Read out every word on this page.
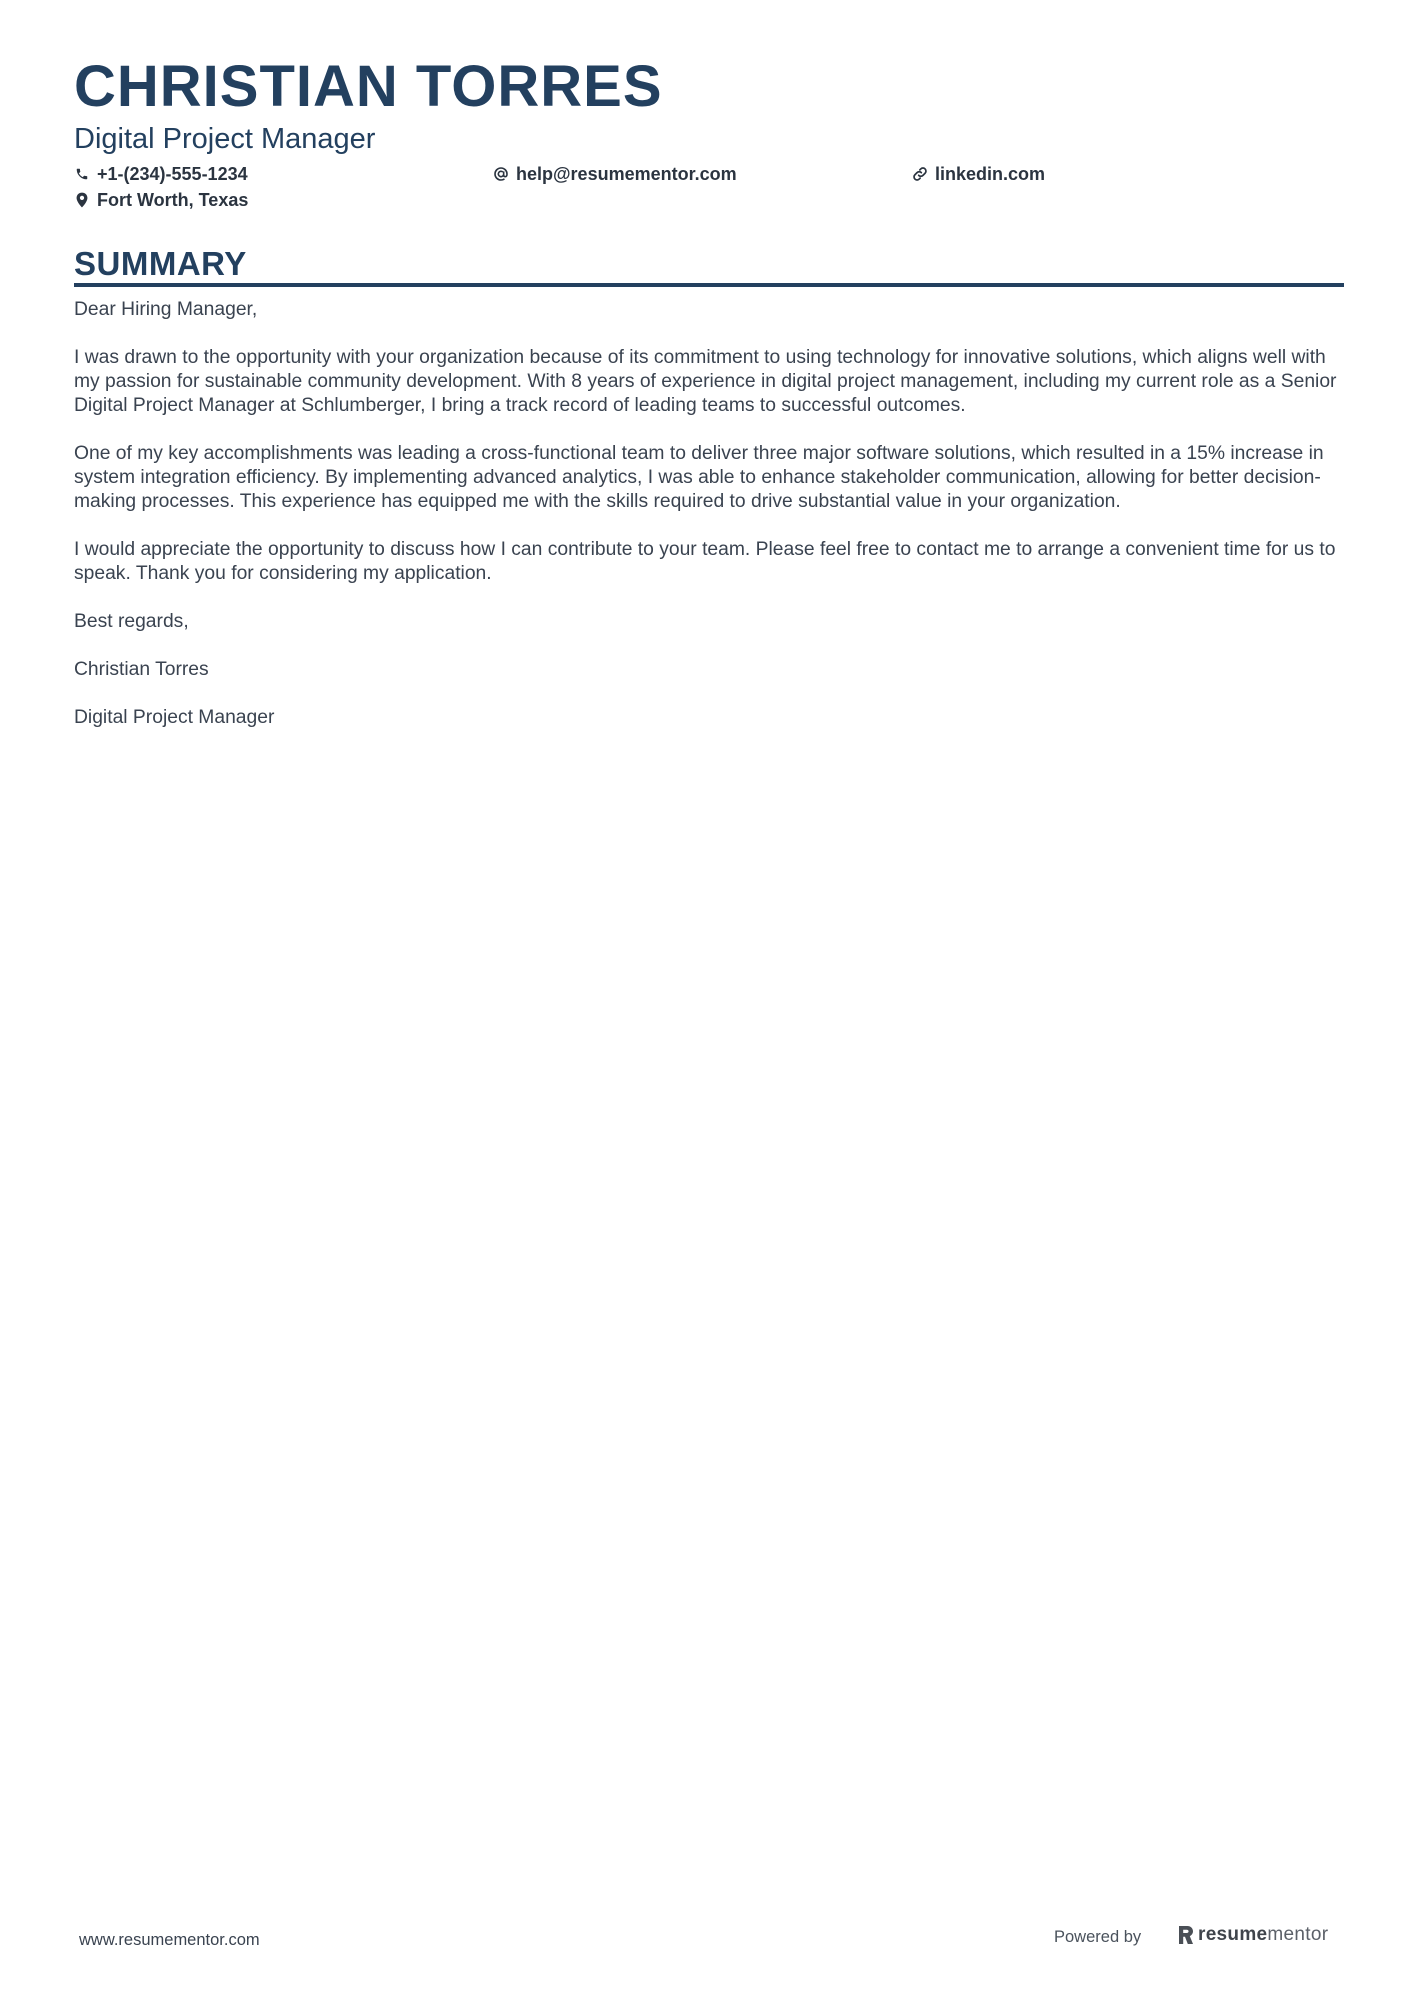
CHRISTIAN TORRES
Digital Project Manager
+1-(234)-555-1234	help@resumementor.com	linkedin.com
Fort Worth, Texas
SUMMARY

Dear Hiring Manager,

I was drawn to the opportunity with your organization because of its commitment to using technology for innovative solutions, which aligns well with my passion for sustainable community development. With 8 years of experience in digital project management, including my current role as a Senior Digital Project Manager at Schlumberger, I bring a track record of leading teams to successful outcomes.

One of my key accomplishments was leading a cross-functional team to deliver three major software solutions, which resulted in a 15% increase in system integration efficiency. By implementing advanced analytics, I was able to enhance stakeholder communication, allowing for better decision-making processes. This experience has equipped me with the skills required to drive substantial value in your organization.

I would appreciate the opportunity to discuss how I can contribute to your team. Please feel free to contact me to arrange a convenient time for us to speak. Thank you for considering my application.

Best regards,

Christian Torres

Digital Project Manager

www.resumementor.com	Powered by	resumementor
